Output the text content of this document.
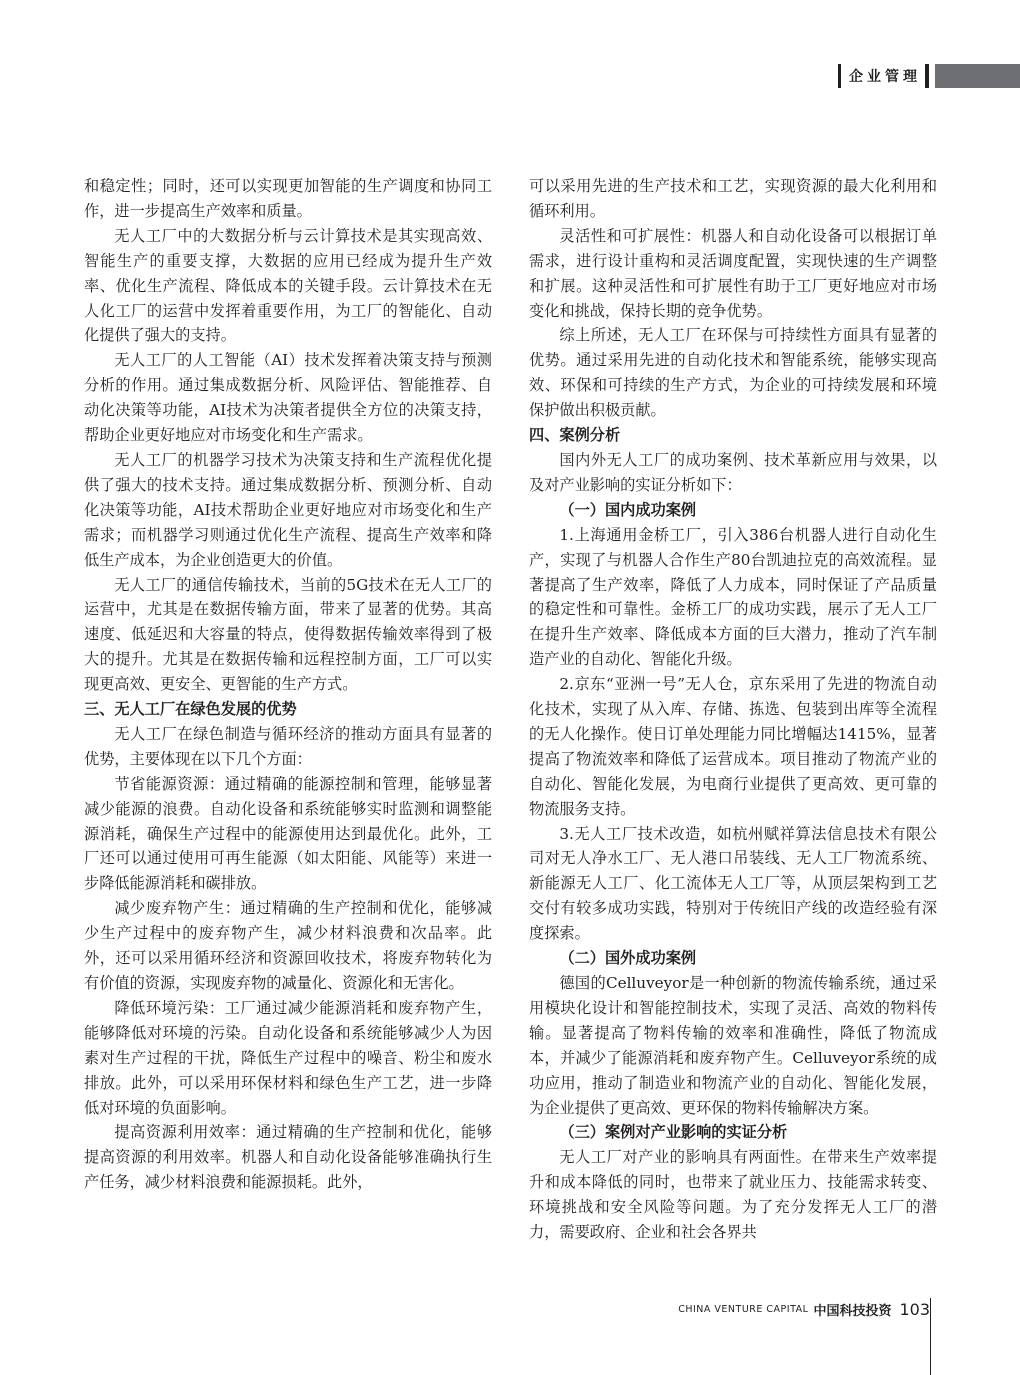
企业管理

和稳定性；同时，还可以实现更加智能的生产调度和协同工作，进一步提高生产效率和质量。

无人工厂中的大数据分析与云计算技术是其实现高效、智能生产的重要支撑，大数据的应用已经成为提升生产效率、优化生产流程、降低成本的关键手段。云计算技术在无人化工厂的运营中发挥着重要作用，为工厂的智能化、自动化提供了强大的支持。

无人工厂的人工智能（AI）技术发挥着决策支持与预测分析的作用。通过集成数据分析、风险评估、智能推荐、自动化决策等功能，AI技术为决策者提供全方位的决策支持，帮助企业更好地应对市场变化和生产需求。

无人工厂的机器学习技术为决策支持和生产流程优化提供了强大的技术支持。通过集成数据分析、预测分析、自动化决策等功能，AI技术帮助企业更好地应对市场变化和生产需求；而机器学习则通过优化生产流程、提高生产效率和降低生产成本，为企业创造更大的价值。

无人工厂的通信传输技术，当前的5G技术在无人工厂的运营中，尤其是在数据传输方面，带来了显著的优势。其高速度、低延迟和大容量的特点，使得数据传输效率得到了极大的提升。尤其是在数据传输和远程控制方面，工厂可以实现更高效、更安全、更智能的生产方式。

三、无人工厂在绿色发展的优势

无人工厂在绿色制造与循环经济的推动方面具有显著的优势，主要体现在以下几个方面：

节省能源资源：通过精确的能源控制和管理，能够显著减少能源的浪费。自动化设备和系统能够实时监测和调整能源消耗，确保生产过程中的能源使用达到最优化。此外，工厂还可以通过使用可再生能源（如太阳能、风能等）来进一步降低能源消耗和碳排放。

减少废弃物产生：通过精确的生产控制和优化，能够减少生产过程中的废弃物产生，减少材料浪费和次品率。此外，还可以采用循环经济和资源回收技术，将废弃物转化为有价值的资源，实现废弃物的减量化、资源化和无害化。

降低环境污染：工厂通过减少能源消耗和废弃物产生，能够降低对环境的污染。自动化设备和系统能够减少人为因素对生产过程的干扰，降低生产过程中的噪音、粉尘和废水排放。此外，可以采用环保材料和绿色生产工艺，进一步降低对环境的负面影响。

提高资源利用效率：通过精确的生产控制和优化，能够提高资源的利用效率。机器人和自动化设备能够准确执行生产任务，减少材料浪费和能源损耗。此外，

可以采用先进的生产技术和工艺，实现资源的最大化利用和循环利用。

灵活性和可扩展性：机器人和自动化设备可以根据订单需求，进行设计重构和灵活调度配置，实现快速的生产调整和扩展。这种灵活性和可扩展性有助于工厂更好地应对市场变化和挑战，保持长期的竞争优势。

综上所述，无人工厂在环保与可持续性方面具有显著的优势。通过采用先进的自动化技术和智能系统，能够实现高效、环保和可持续的生产方式，为企业的可持续发展和环境保护做出积极贡献。

四、案例分析

国内外无人工厂的成功案例、技术革新应用与效果，以及对产业影响的实证分析如下：

（一）国内成功案例

1.上海通用金桥工厂，引入386台机器人进行自动化生产，实现了与机器人合作生产80台凯迪拉克的高效流程。显著提高了生产效率，降低了人力成本，同时保证了产品质量的稳定性和可靠性。金桥工厂的成功实践，展示了无人工厂在提升生产效率、降低成本方面的巨大潜力，推动了汽车制造产业的自动化、智能化升级。

2.京东“亚洲一号”无人仓，京东采用了先进的物流自动化技术，实现了从入库、存储、拣选、包装到出库等全流程的无人化操作。使日订单处理能力同比增幅达1415%，显著提高了物流效率和降低了运营成本。项目推动了物流产业的自动化、智能化发展，为电商行业提供了更高效、更可靠的物流服务支持。

3.无人工厂技术改造，如杭州赋祥算法信息技术有限公司对无人净水工厂、无人港口吊装线、无人工厂物流系统、新能源无人工厂、化工流体无人工厂等，从顶层架构到工艺交付有较多成功实践，特别对于传统旧产线的改造经验有深度探索。

（二）国外成功案例

德国的Celluveyor是一种创新的物流传输系统，通过采用模块化设计和智能控制技术，实现了灵活、高效的物料传输。显著提高了物料传输的效率和准确性，降低了物流成本，并减少了能源消耗和废弃物产生。Celluveyor系统的成功应用，推动了制造业和物流产业的自动化、智能化发展，为企业提供了更高效、更环保的物料传输解决方案。

（三）案例对产业影响的实证分析

无人工厂对产业的影响具有两面性。在带来生产效率提升和成本降低的同时，也带来了就业压力、技能需求转变、环境挑战和安全风险等问题。为了充分发挥无人工厂的潜力，需要政府、企业和社会各界共

CHINA VENTURE CAPITAL 中国科技投资 103
